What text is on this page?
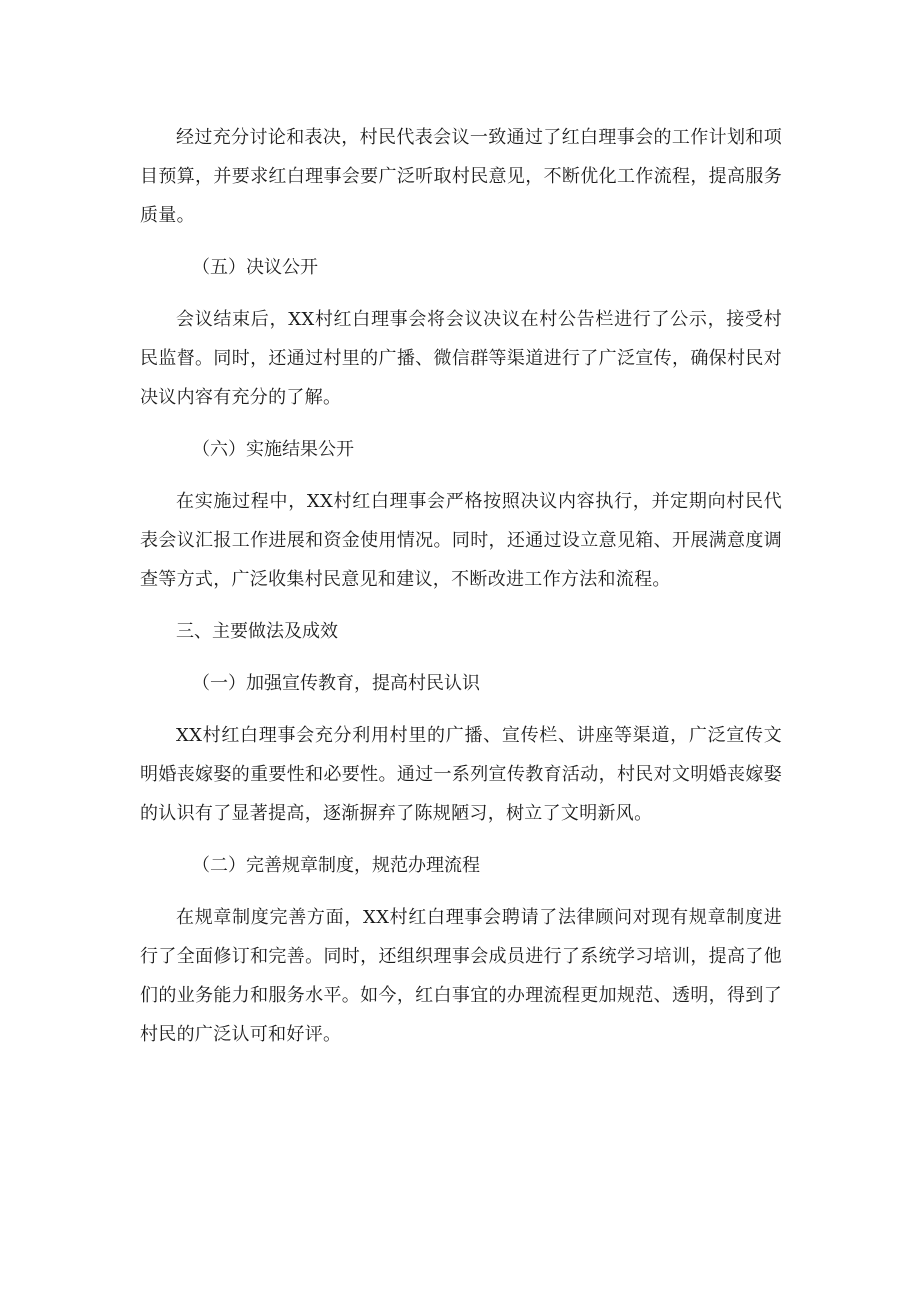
经过充分讨论和表决，村民代表会议一致通过了红白理事会的工作计划和项目预算，并要求红白理事会要广泛听取村民意见，不断优化工作流程，提高服务质量。

（五）决议公开

会议结束后，XX村红白理事会将会议决议在村公告栏进行了公示，接受村民监督。同时，还通过村里的广播、微信群等渠道进行了广泛宣传，确保村民对决议内容有充分的了解。

（六）实施结果公开

在实施过程中，XX村红白理事会严格按照决议内容执行，并定期向村民代表会议汇报工作进展和资金使用情况。同时，还通过设立意见箱、开展满意度调查等方式，广泛收集村民意见和建议，不断改进工作方法和流程。

三、主要做法及成效

（一）加强宣传教育，提高村民认识

XX村红白理事会充分利用村里的广播、宣传栏、讲座等渠道，广泛宣传文明婚丧嫁娶的重要性和必要性。通过一系列宣传教育活动，村民对文明婚丧嫁娶的认识有了显著提高，逐渐摒弃了陈规陋习，树立了文明新风。

（二）完善规章制度，规范办理流程

在规章制度完善方面，XX村红白理事会聘请了法律顾问对现有规章制度进行了全面修订和完善。同时，还组织理事会成员进行了系统学习培训，提高了他们的业务能力和服务水平。如今，红白事宜的办理流程更加规范、透明，得到了村民的广泛认可和好评。
